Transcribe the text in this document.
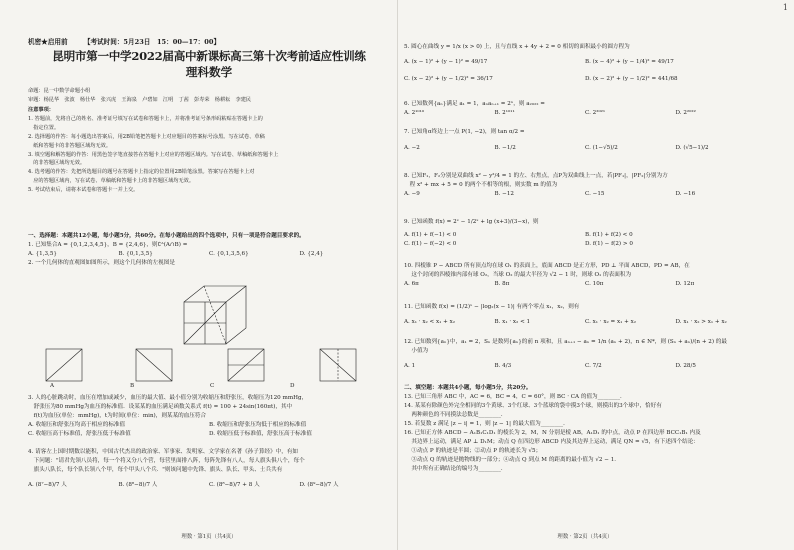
1
机密★启用前 【考试时间：5月23日　15：00—17：00】
昆明市第一中学2022届高中新课标高三第十次考前适应性训练
理科数学
命题：昆一中数学命题小组
审题：杨昆华　张波　杨仕华　张兴虎　王海泉　卢碧如　江明　丁茜　彭寿荣　杨耕耘　李建民
注意事项：
1. 答题前，先将自己的姓名、准考证号填写在试卷和答题卡上，并将准考证号条形码粘贴在答题卡上的
　指定位置。
2. 选择题的作答：每小题选出答案后，用2B铅笔把答题卡上对应题目的答案标号涂黑。写在试卷、草稿
　纸和答题卡的非答题区域均无效。
3. 填空题和解答题的作答：用黑色签字笔直接答在答题卡上对应的答题区域内。写在试卷、草稿纸和答题卡上
　的非答题区域均无效。
4. 选考题的作答：先把所选题目的题号在答题卡上指定的位置用2B铅笔涂黑。答案写在答题卡上对
　应的答题区域内，写在试卷、草稿纸和答题卡上的非答题区域均无效。
5. 考试结束后，请将本试卷和答题卡一并上交。
一、选择题：本题共12小题，每小题5分，共60分。在每小题给出的四个选项中，只有一项是符合题目要求的。
1. 已知集合A = {0,1,2,3,4,5}，B = {2,4,6}，则∁ᴬ(A∩B) =
A. {1,3,5}	B. {0,1,3,5}	C. {0,1,3,5,6}	D. {2,4}
2. 一个几何体的直观图如图所示，则这个几何体的左视图是
A	B	C	D
3. 人的心脏跳动时，血压在增加或减少，血压的最大值、最小值分别为收缩压和舒张压，收缩压为120 mmHg，
　舒张压为80 mmHg为血压的标准值．设某某的血压满足函数关系式 f(t) = 100 + 24sin(160πt)，其中
　f(t)为血压(单位：mmHg)，t为时间(单位：min)，则某某的血压符合
A. 收缩压和舒张压均高于相应的标准值	B. 收缩压和舒张压均低于相应的标准值
C. 收缩压高于标准值，舒张压低于标准值	D. 收缩压低于标准值，舒张压高于标准值
4. 请客左上国时期数以能积，中国古代杰出的政治家、军事家、发明家、文学家在名著《孙子算经》中，有如
　下问题："请君先领八员将，每一个将又分八个营，每营里面排八阵，每阵先锋有八人，每人旗头俱八个，每个
　旗头八队长，每个队长领八个甲，每个甲头八个兵．"则该问题中先锋、旗头、队长、甲头、士兵共有
A. (8⁷−8)/7 人	B. (8⁸−8)/7 人	C. (8⁸−8)/7 + 8 人	D. (8⁹−8)/7 人
理数 · 第1页（共4页）
5. 圆心在曲线 y = 1/x (x > 0) 上，且与直线 x + 4y + 2 = 0 相切的面积最小的圆方程为
A. (x − 1)² + (y − 1)² = 49/17	B. (x − 4)² + (y − 1/4)² = 49/17
C. (x − 2)² + (y − 1/2)² = 36/17	D. (x − 2)² + (y − 1/2)² = 441/68
6. 已知数列{aₙ}满足 a₁ = 1，aₙaₙ₊₁ = 2ⁿ，则 a₂₀₂₂ =
A. 2¹⁰¹⁰	B. 2¹⁰¹¹	C. 2²⁰²¹	D. 2²⁰²²
7. 已知角α终边上一点 P(1, −2)，则 tan α/2 =
A. −2	B. −1/2	C. (1−√5)/2	D. (√5−1)/2
8. 已知F₁，F₂分别是双曲线 x² − y²/4 = 1 的左、右焦点，点P为双曲线上一点，若|PF₁|，|PF₂|分别为方
　程 x² + mx + 5 = 0 的两个不相等的根，则实数 m 的值为
A. −9	B. −12	C. −15	D. −16
9. 已知函数 f(x) = 2ˣ − 1/2ˣ + lg (x+3)/(3−x)，则
A. f(1) + f(−1) < 0	B. f(1) + f(2) < 0
C. f(1) − f(−2) < 0	D. f(1) − f(2) > 0
10. 四棱锥 P − ABCD 所有顶点均在球 O₁ 的表面上，底面 ABCD 是正方形，PD ⊥ 平面 ABCD，PD = AB，在
　 这个封闭的四棱锥内部有球 O₂，当球 O₂ 的最大半径为 √2 − 1 时，则球 O₁ 的表面积为
A. 6π	B. 8π	C. 10π	D. 12π
11. 已知函数 f(x) = (1/2)ˣ − |log₂(x − 1)| 有两个零点 x₁，x₂，则有
A. x₁ · x₂ < x₁ + x₂	B. x₁ · x₂ < 1	C. x₁ · x₂ = x₁ + x₂	D. x₁ · x₂ > x₁ + x₂
12. 已知数列{aₙ}中，a₁ = 2，Sₙ 是数列{aₙ}的前 n 项和，且 aₙ₊₁ − aₙ = 1/n (aₙ + 2)，n ∈ N*，则 (Sₙ + aₙ)/(n + 2) 的最
　 小值为
A. 1	B. 4/3	C. 7/2	D. 28/5
二、填空题：本题共4小题，每小题5分，共20分。
13. 已知三角形 ABC 中，AC = 6，BC = 4，C = 60°，则 BC · CA 的值为________．
14. 某某有除颜色外完全相同的3个黄球、3个红球、3个蓝球的袋中摸3个球，则摸出的3个球中，恰好有
　 两种颜色的不同摸法总数是________．
15. 若复数 z 满足 |z − i| = 1，则 |z − 1| 的最大值为________．
16. 已知正方体 ABCD − A₁B₁C₁D₁ 的棱长为 2，M，N 分别是棱 AB，A₁D₁ 的中点，动点 P 在四边形 BCC₁B₁ 内及
　 其边界上运动，满足 AP ⊥ D₁M；动点 Q 在四边形 ABCD 内及其边界上运动，满足 QN = √5，有下述四个结论：
　 ①动点 P 的轨迹是半圆；②动点 P 的轨迹长为 √5；
　 ③动点 Q 的轨迹是抛物线的一部分；④动点 Q 到点 M 的距离的最小值为 √2 − 1．
　 其中所有正确结论的编号为________．
理数 · 第2页（共4页）
